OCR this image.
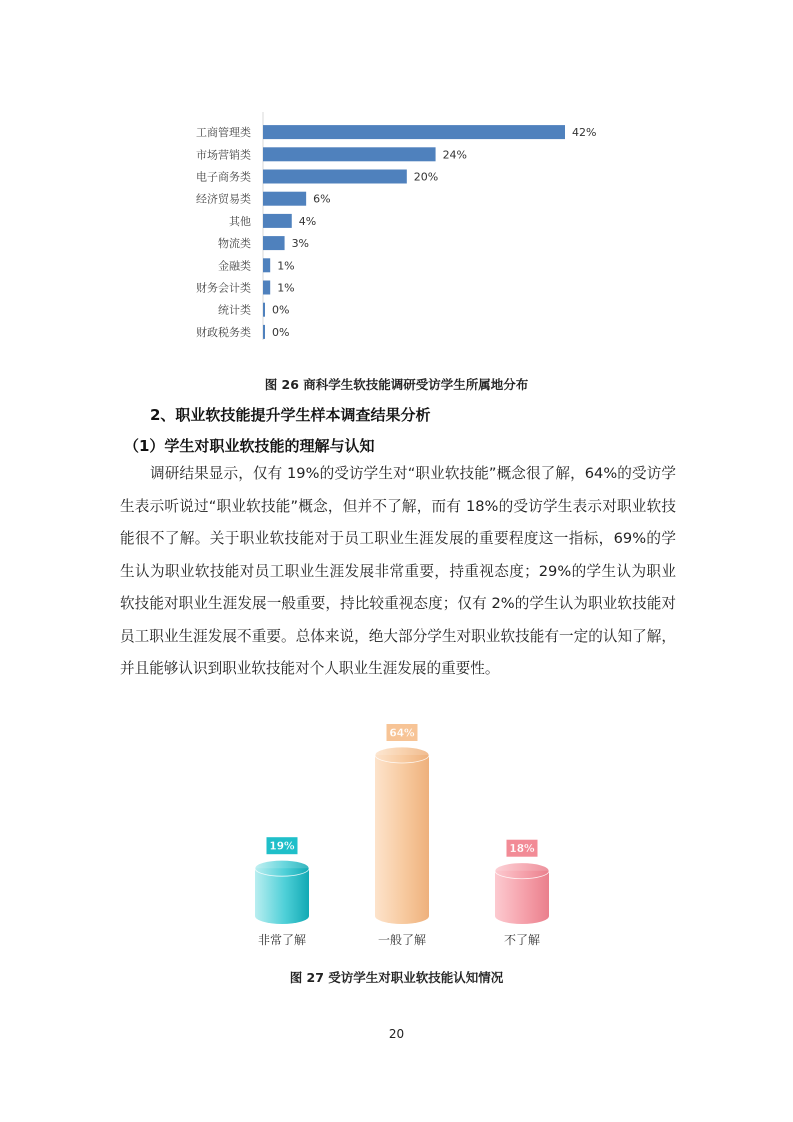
工商管理类	42%
市场营销类	24%
电子商务类	20%
经济贸易类	6%
其他	4%
物流类	3%
金融类 1%
财务会计类 1%
统计类 0%
财政税务类 0%
图 26 商科学生软技能调研受访学生所属地分布
2、职业软技能提升学生样本调查结果分析
（1）学生对职业软技能的理解与认知

调研结果显示，仅有 19%的受访学生对“职业软技能”概念很了解，64%的受访学生表示听说过“职业软技能”概念，但并不了解，而有 18%的受访学生表示对职业软技能很不了解。关于职业软技能对于员工职业生涯发展的重要程度这一指标，69%的学生认为职业软技能对员工职业生涯发展非常重要，持重视态度；29%的学生认为职业软技能对职业生涯发展一般重要，持比较重视态度；仅有 2%的学生认为职业软技能对员工职业生涯发展不重要。总体来说，绝大部分学生对职业软技能有一定的认知了解，并且能够认识到职业软技能对个人职业生涯发展的重要性。

19%
非常了解
64%
一般了解
18%
不了解
图 27 受访学生对职业软技能认知情况
20
